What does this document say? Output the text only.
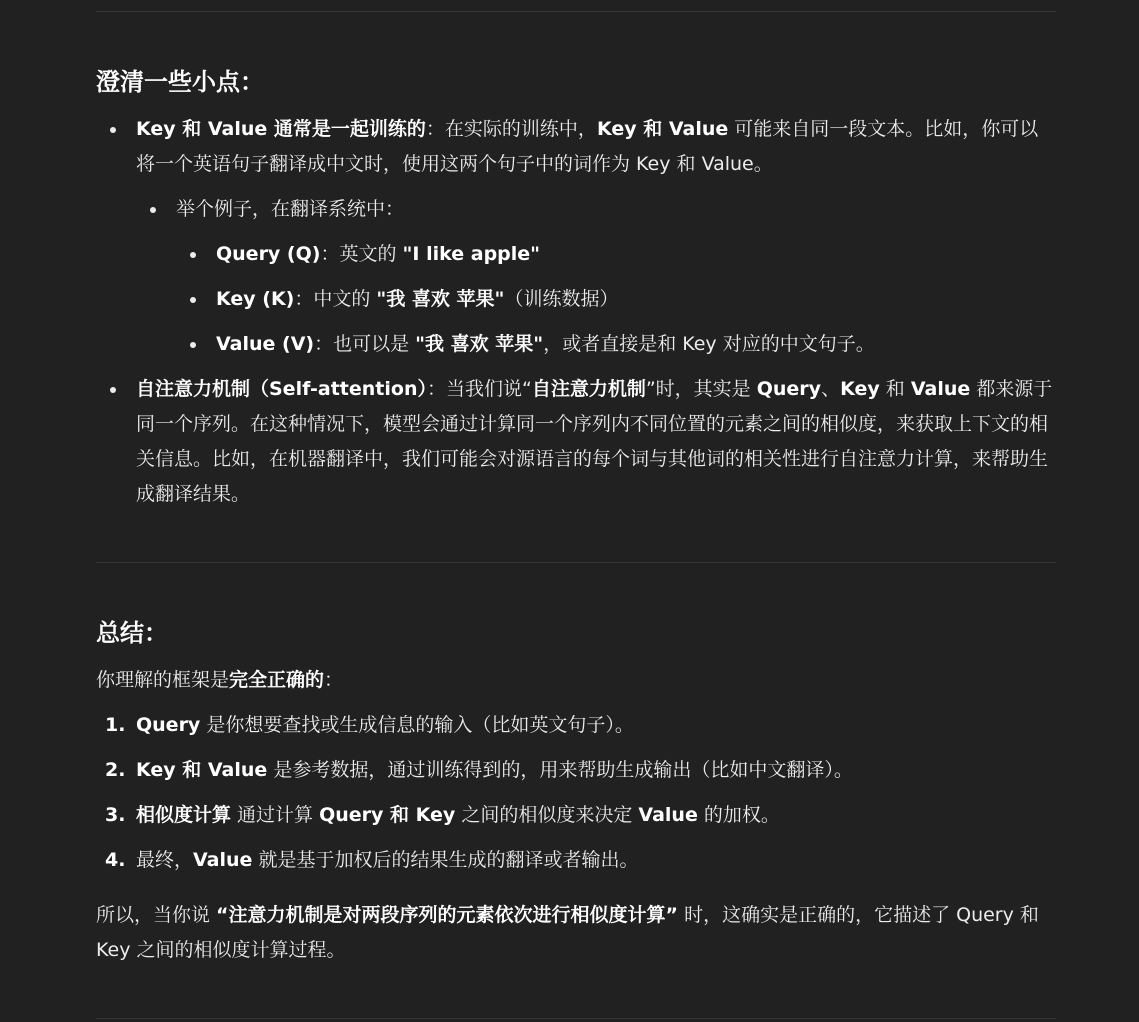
澄清一些小点：
Key 和 Value 通常是一起训练的：在实际的训练中，Key 和 Value 可能来自同一段文本。比如，你可以将一个英语句子翻译成中文时，使用这两个句子中的词作为 Key 和 Value。
举个例子，在翻译系统中：
Query (Q)：英文的 "I like apple"
Key (K)：中文的 "我 喜欢 苹果"（训练数据）
Value (V)：也可以是 "我 喜欢 苹果"，或者直接是和 Key 对应的中文句子。
自注意力机制（Self-attention）：当我们说“自注意力机制”时，其实是 Query、Key 和 Value 都来源于同一个序列。在这种情况下，模型会通过计算同一个序列内不同位置的元素之间的相似度，来获取上下文的相关信息。比如，在机器翻译中，我们可能会对源语言的每个词与其他词的相关性进行自注意力计算，来帮助生成翻译结果。
总结：

你理解的框架是完全正确的：

1. Query 是你想要查找或生成信息的输入（比如英文句子）。
2. Key 和 Value 是参考数据，通过训练得到的，用来帮助生成输出（比如中文翻译）。
3. 相似度计算 通过计算 Query 和 Key 之间的相似度来决定 Value 的加权。
4. 最终，Value 就是基于加权后的结果生成的翻译或者输出。

所以，当你说 “注意力机制是对两段序列的元素依次进行相似度计算” 时，这确实是正确的，它描述了 Query 和 Key 之间的相似度计算过程。
